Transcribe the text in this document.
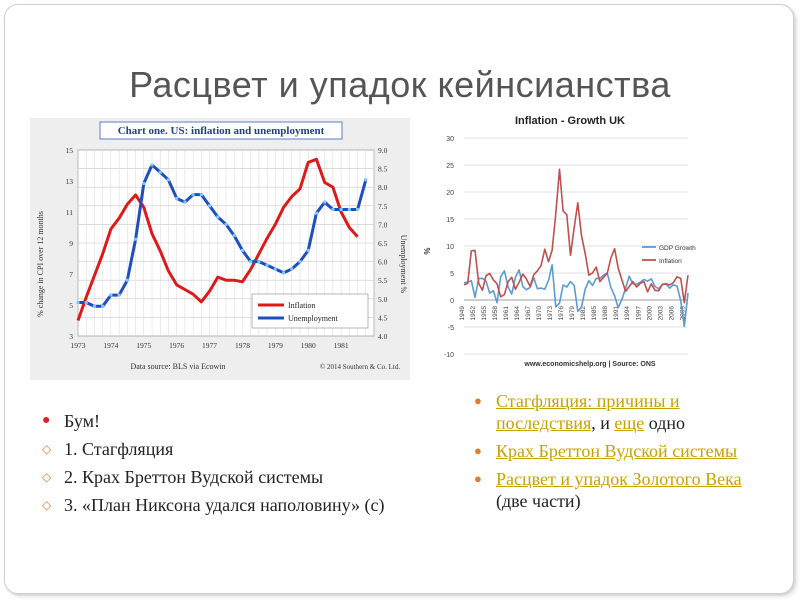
Расцвет и упадок кейнсианства
Chart one. US: inflation and unemployment
4.0
4.5
5.0
5.5
6.0
6.5
7.0
7.5
8.0
8.5
9.0
3
5
7
9
11
13
15
1973 1974 1975 1976 1977 1978 1979 1980 1981
Inflation
Unemployment
% change in CPI over 12 months	Unemployment %
Data source: BLS via Ecowin	© 2014 Southern & Co. Ltd.
Inflation - Growth UK
-10
-5
0
5
10
15
20
25
30
1949 1952 1955 1958 1961 1964 1967 1970 1973 1976 1979 1982 1985 1988 1991 1994 1997 2000 2003 2006 2009
GDP Growth
Inflation
%
www.economicshelp.org | Source: ONS
● Бум!
◇ 1. Стагфляция
◇ 2. Крах Бреттон Вудской системы
◇ 3. «План Никсона удался наполовину» (с)
● Стагфляция: причины и последствия, и еще одно
● Крах Бреттон Вудской системы
● Расцвет и упадок Золотого Века (две части)
